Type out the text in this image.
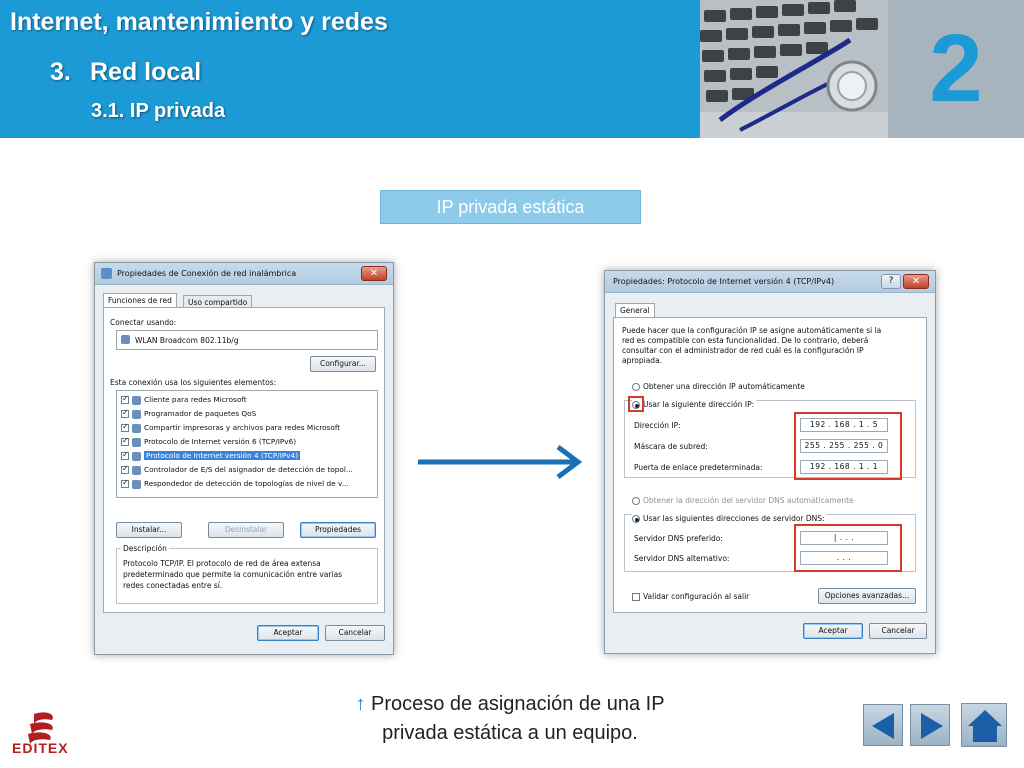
Internet, mantenimiento y redes
3. Red local
3.1. IP privada	2
IP privada estática
Propiedades de Conexión de red inalámbrica	✕
Funciones de red	Uso compartido
Conectar usando:
WLAN Broadcom 802.11b/g
Configurar...
Esta conexión usa los siguientes elementos:
✓Cliente para redes Microsoft
✓Programador de paquetes QoS
✓Compartir impresoras y archivos para redes Microsoft
✓Protocolo de Internet versión 6 (TCP/IPv6)
✓Protocolo de Internet versión 4 (TCP/IPv4)
✓Controlador de E/S del asignador de detección de topol...
✓Respondedor de detección de topologías de nivel de v...
Instalar...	Desinstalar	Propiedades
Descripción
Protocolo TCP/IP. El protocolo de red de área extensa
predeterminado que permite la comunicación entre varias
redes conectadas entre sí.
Aceptar	Cancelar
Propiedades: Protocolo de Internet versión 4 (TCP/IPv4)	?	✕
General
Puede hacer que la configuración IP se asigne automáticamente si la
red es compatible con esta funcionalidad. De lo contrario, deberá
consultar con el administrador de red cuál es la configuración IP
apropiada.
Obtener una dirección IP automáticamente
Usar la siguiente dirección IP:
Dirección IP:	192 . 168 . 1 . 5
Máscara de subred:	255 . 255 . 255 . 0
Puerta de enlace predeterminada:	192 . 168 . 1 . 1
Obtener la dirección del servidor DNS automáticamente
Usar las siguientes direcciones de servidor DNS:
Servidor DNS preferido:	| . . .
Servidor DNS alternativo:	. . .
Validar configuración al salir	Opciones avanzadas...
Aceptar	Cancelar
↑ Proceso de asignación de una IP
privada estática a un equipo.
EDITEX
